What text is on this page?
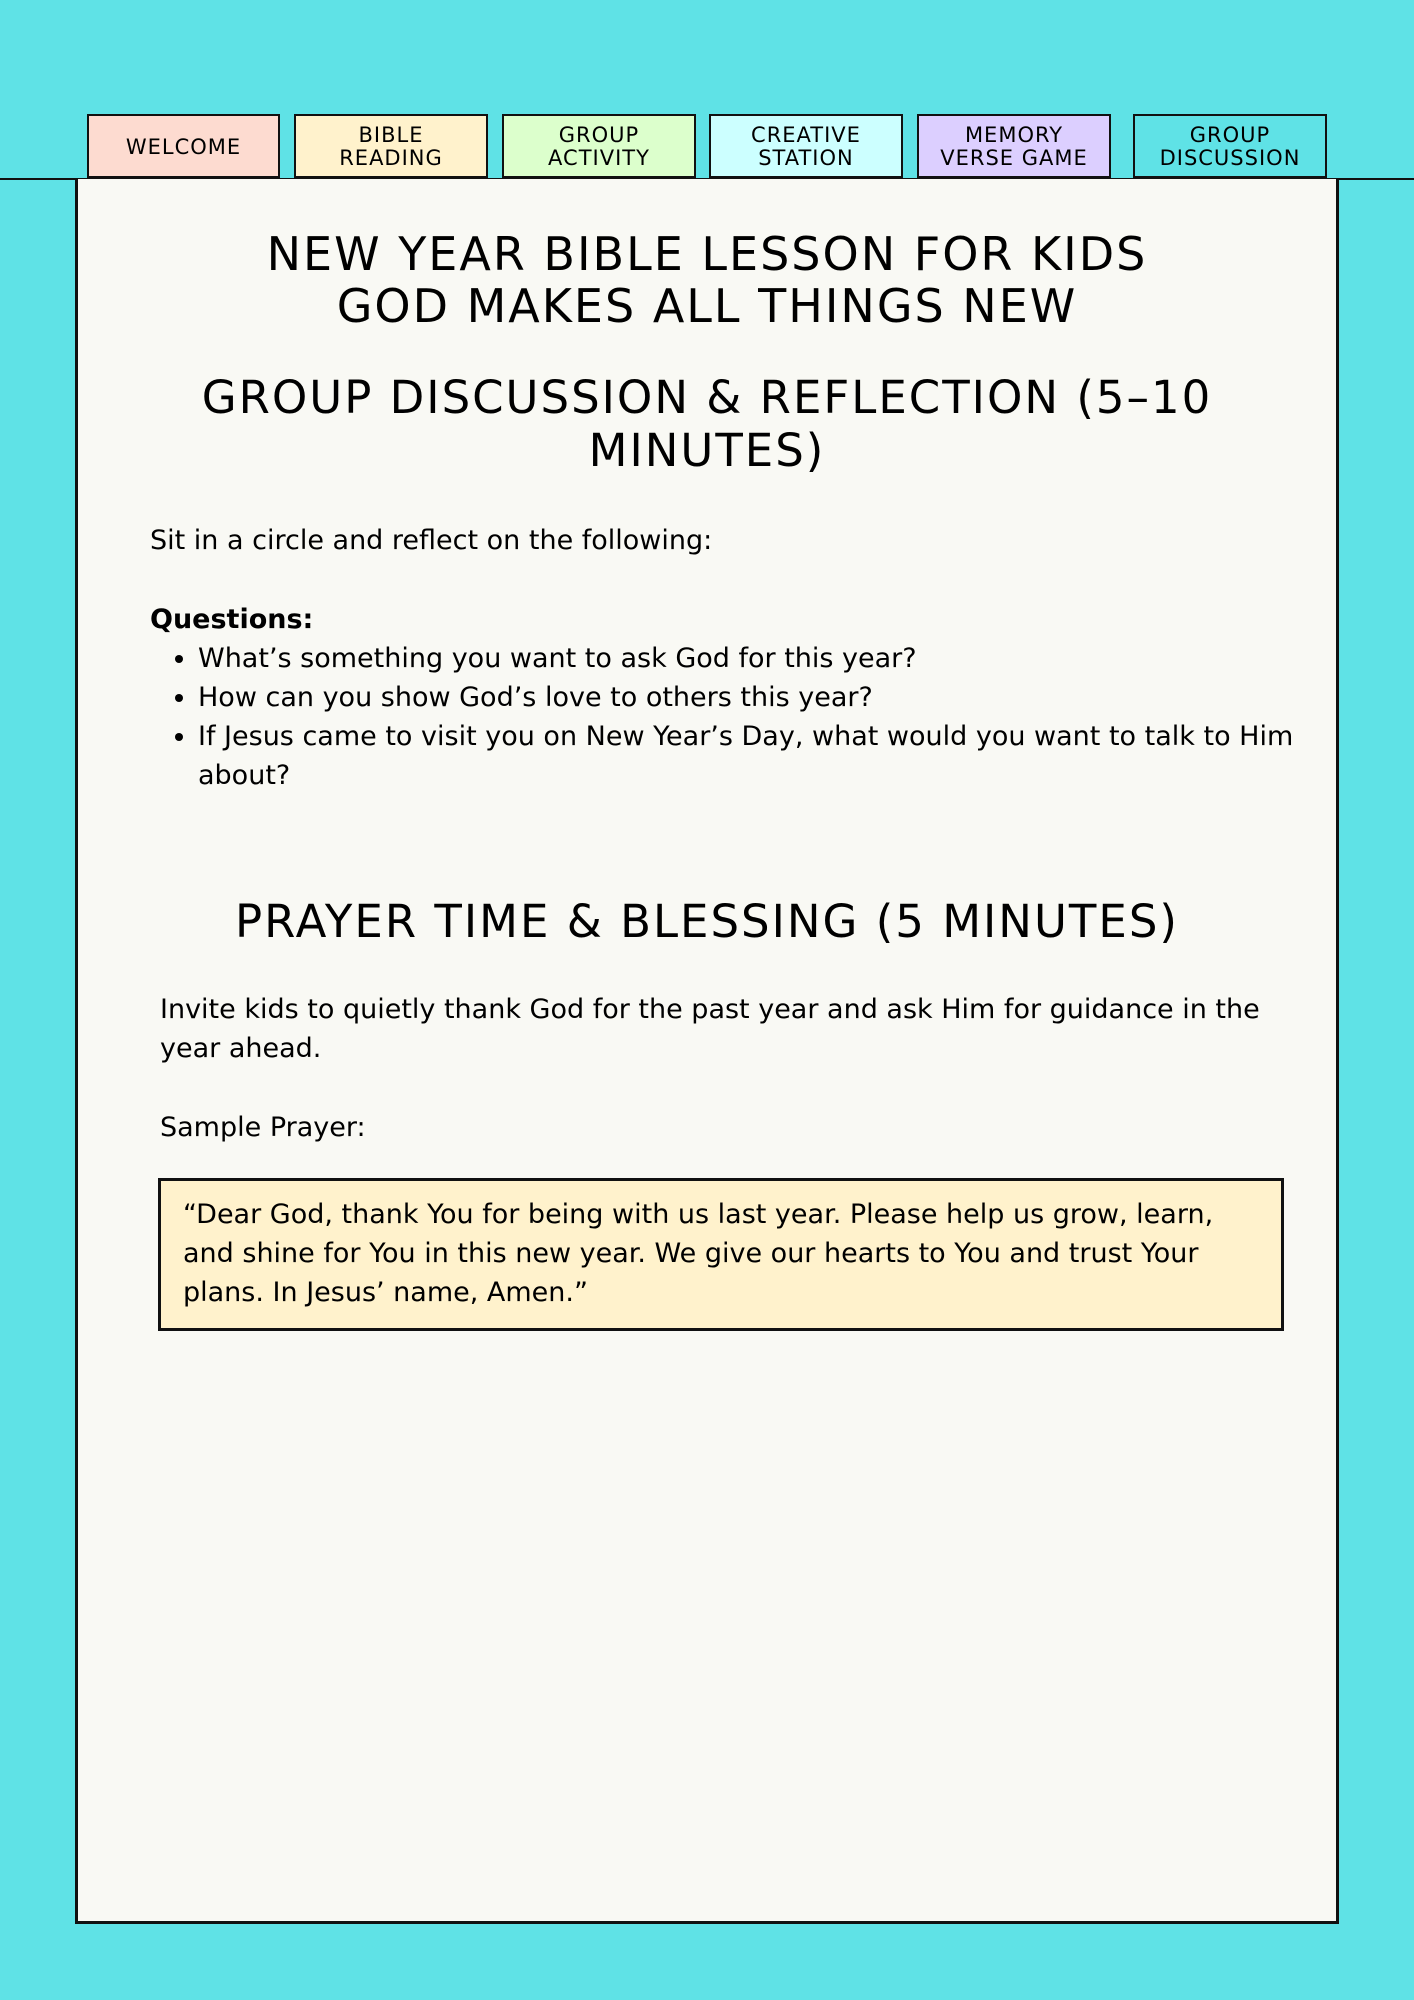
WELCOME	BIBLE
READING
GROUP
ACTIVITY
CREATIVE
STATION
MEMORY
VERSE GAME
GROUP
DISCUSSION
NEW YEAR BIBLE LESSON FOR KIDS
GOD MAKES ALL THINGS NEW
GROUP DISCUSSION & REFLECTION (5–10 MINUTES)
Sit in a circle and reflect on the following:
Questions:
• What’s something you want to ask God for this year?
• How can you show God’s love to others this year?
• If Jesus came to visit you on New Year’s Day, what would you want to talk to Him about?
PRAYER TIME & BLESSING (5 MINUTES)
Invite kids to quietly thank God for the past year and ask Him for guidance in the year ahead.
Sample Prayer:
“Dear God, thank You for being with us last year. Please help us grow, learn, and shine for You in this new year. We give our hearts to You and trust Your plans. In Jesus’ name, Amen.”
